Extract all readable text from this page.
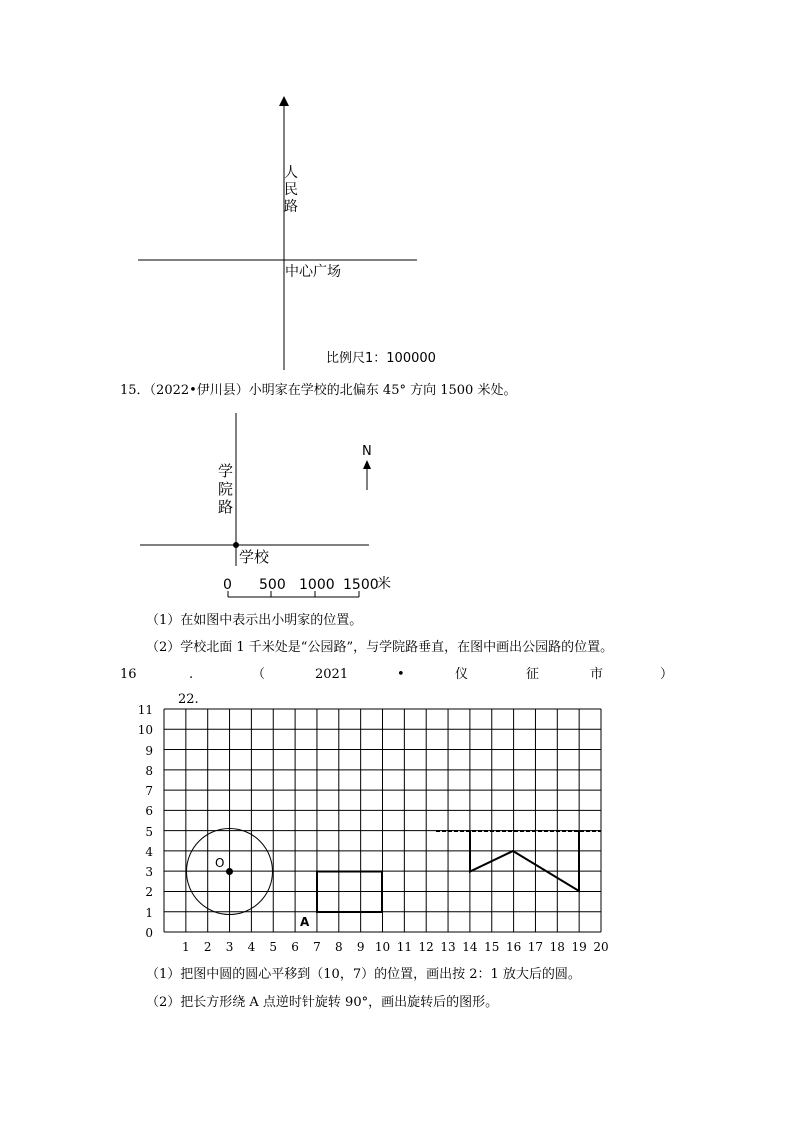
人
民
路
中心广场
比例尺1：100000
15．（2022•伊川县）小明家在学校的北偏东 45° 方向 1500 米处。
学
院
路
学校
N
0 500 1000 1500
米
（1）在如图中表示出小明家的位置。
（2）学校北面 1 千米处是“公园路”，与学院路垂直，在图中画出公园路的位置。
16	.	（	2021	•	仪	征	市	）
22.
0
1
2
3
4
5
6
7
8
9
10
11
1	2	3	4	5	6	7	8	9 10 11 12 13 14 15 16 17 18 19 20
O
A
（1）把图中圆的圆心平移到（10，7）的位置，画出按 2：1 放大后的圆。
（2）把长方形绕 A 点逆时针旋转 90°，画出旋转后的图形。
